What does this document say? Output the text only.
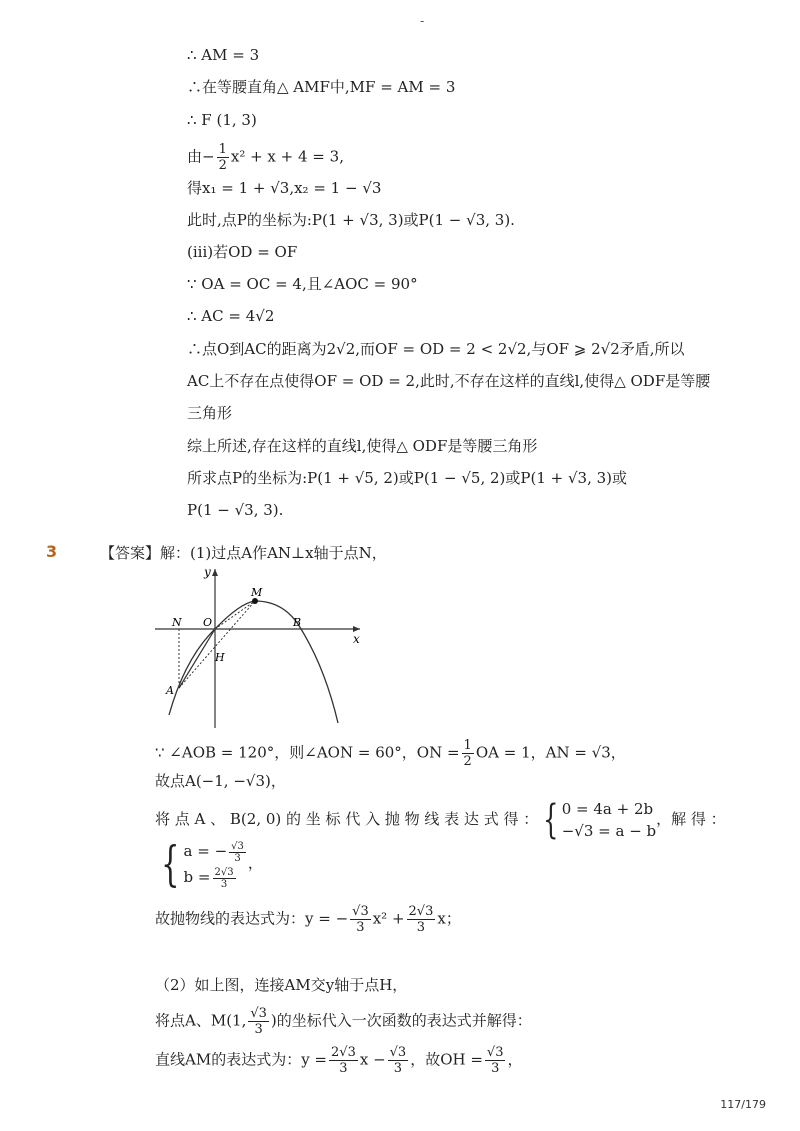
-
∴ AM = 3
∴在等腰直角△ AMF中,MF = AM = 3
∴ F (1, 3)
由− $\frac{1}{2} x^2 + x + 4 = 3$,
得x₁ = 1 + √3,x₂ = 1 − √3
此时,点P的坐标为:P(1 + √3, 3)或P(1 − √3, 3).
(iii)若OD = OF
∵ OA = OC = 4,且∠AOC = 90°
∴ AC = 4√2
∴点O到AC的距离为2√2,而OF = OD = 2 < 2√2,与OF ⩾ 2√2矛盾,所以
AC上不存在点使得OF = OD = 2,此时,不存在这样的直线l,使得△ ODF是等腰
三角形
综上所述,存在这样的直线l,使得△ ODF是等腰三角形
所求点P的坐标为:P(1 + √5, 2)或P(1 − √5, 2)或P(1 + √3, 3)或
P(1 − √3, 3).
3	【答案】解：(1)过点A作AN⊥x轴于点N，
y
x
N O
M
B
H
A
∵ ∠AOB = 120°，则∠AON = 60°，ON = $\frac{1}{2}$ OA = 1，AN = √3，
故点A(−1, −√3)，
将 点 A 、 B(2, 0) 的 坐 标 代 入 抛 物 线 表 达 式 得 ： { 0 = 4a + 2b
−√3 = a − b
，解 得 ：
{ a = − $\frac{√3}{3}$
$b = \frac{2√3}{3}$
，
故抛物线的表达式为：y = − $\frac{√3}{3} x^2 + \frac{2√3}{3}$ x；
（2）如上图，连接AM交y轴于点H，
将点A、M(1, $\frac{√3}{3}$ )的坐标代入一次函数的表达式并解得：
直线AM的表达式为：$y = \frac{2√3}{3}$ $x - \frac{√3}{3}$ ，故OH = $\frac{√3}{3}$ ，
117/179
